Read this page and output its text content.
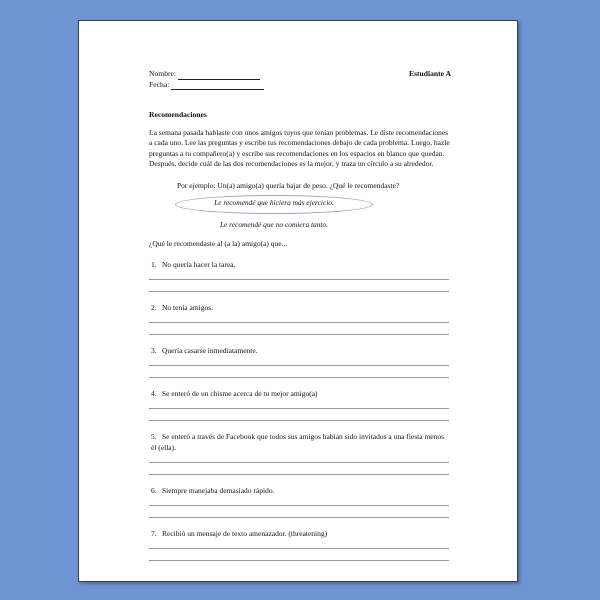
Nombre:
Fecha:
Estudiante A
Recomendaciones
La semana pasada hablaste con unos amigos tuyos que tenían problemas. Le diste recomendaciones a cada uno. Lee las preguntas y escribe tus recomendaciones debajo de cada problema. Luego, hazle preguntas a tu compañero(a) y escribe sus recomendaciones en los espacios en blanco que quedan. Después, decide cuál de las dos recomendaciones es la mejor, y traza un círculo a su alrededor.
Por ejemplo: Un(a) amigo(a) quería bajar de peso. ¿Qué le recomendaste?
Le recomendé que hiciera más ejercicio.
Le recomendé que no comiera tanto.
¿Qué le recomendaste al (a la) amigo(a) que...
1. No quería hacer la tarea.
2. No tenía amigos.
3. Quería casarse inmediatamente.
4. Se enteró de un chisme acerca de tu mejor amigo(a)
5. Se enteró a través de Facebook que todos sus amigos habían sido invitados a una fiesta menos él (ella).
6. Siempre manejaba demasiado rápido.
7. Recibió un mensaje de texto amenazador. (threatening)
